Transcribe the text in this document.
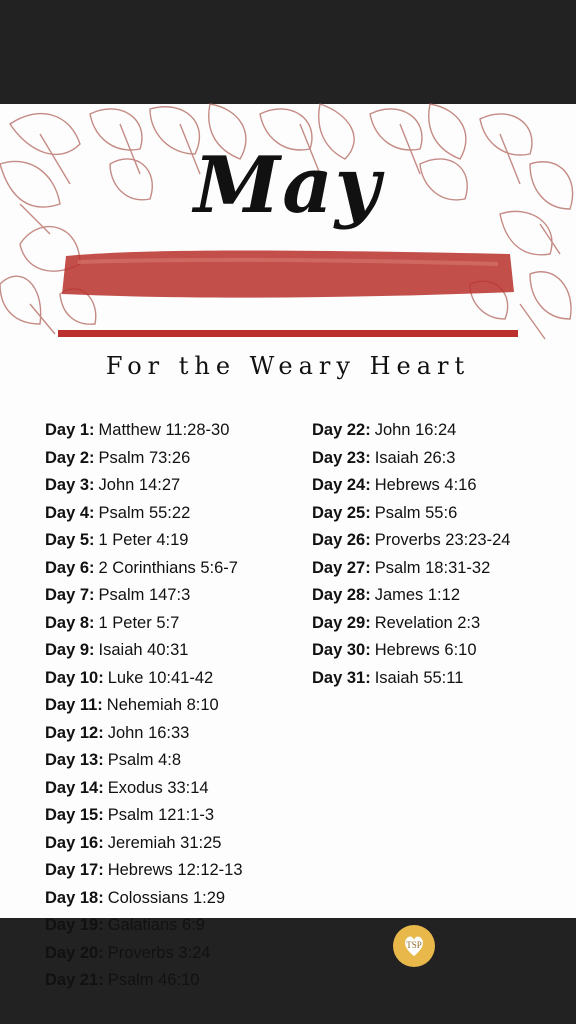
May
For the Weary Heart
Day 1: Matthew 11:28-30
Day 2: Psalm 73:26
Day 3: John 14:27
Day 4: Psalm 55:22
Day 5: 1 Peter 4:19
Day 6: 2 Corinthians 5:6-7
Day 7: Psalm 147:3
Day 8: 1 Peter 5:7
Day 9: Isaiah 40:31
Day 10: Luke 10:41-42
Day 11: Nehemiah 8:10
Day 12: John 16:33
Day 13: Psalm 4:8
Day 14: Exodus 33:14
Day 15: Psalm 121:1-3
Day 16: Jeremiah 31:25
Day 17: Hebrews 12:12-13
Day 18: Colossians 1:29
Day 19: Galatians 6:9
Day 20: Proverbs 3:24
Day 21: Psalm 46:10
Day 22: John 16:24
Day 23: Isaiah 26:3
Day 24: Hebrews 4:16
Day 25: Psalm 55:6
Day 26: Proverbs 23:23-24
Day 27: Psalm 18:31-32
Day 28: James 1:12
Day 29: Revelation 2:3
Day 30: Hebrews 6:10
Day 31: Isaiah 55:11
TSP
www.TheScribesPortion.com
